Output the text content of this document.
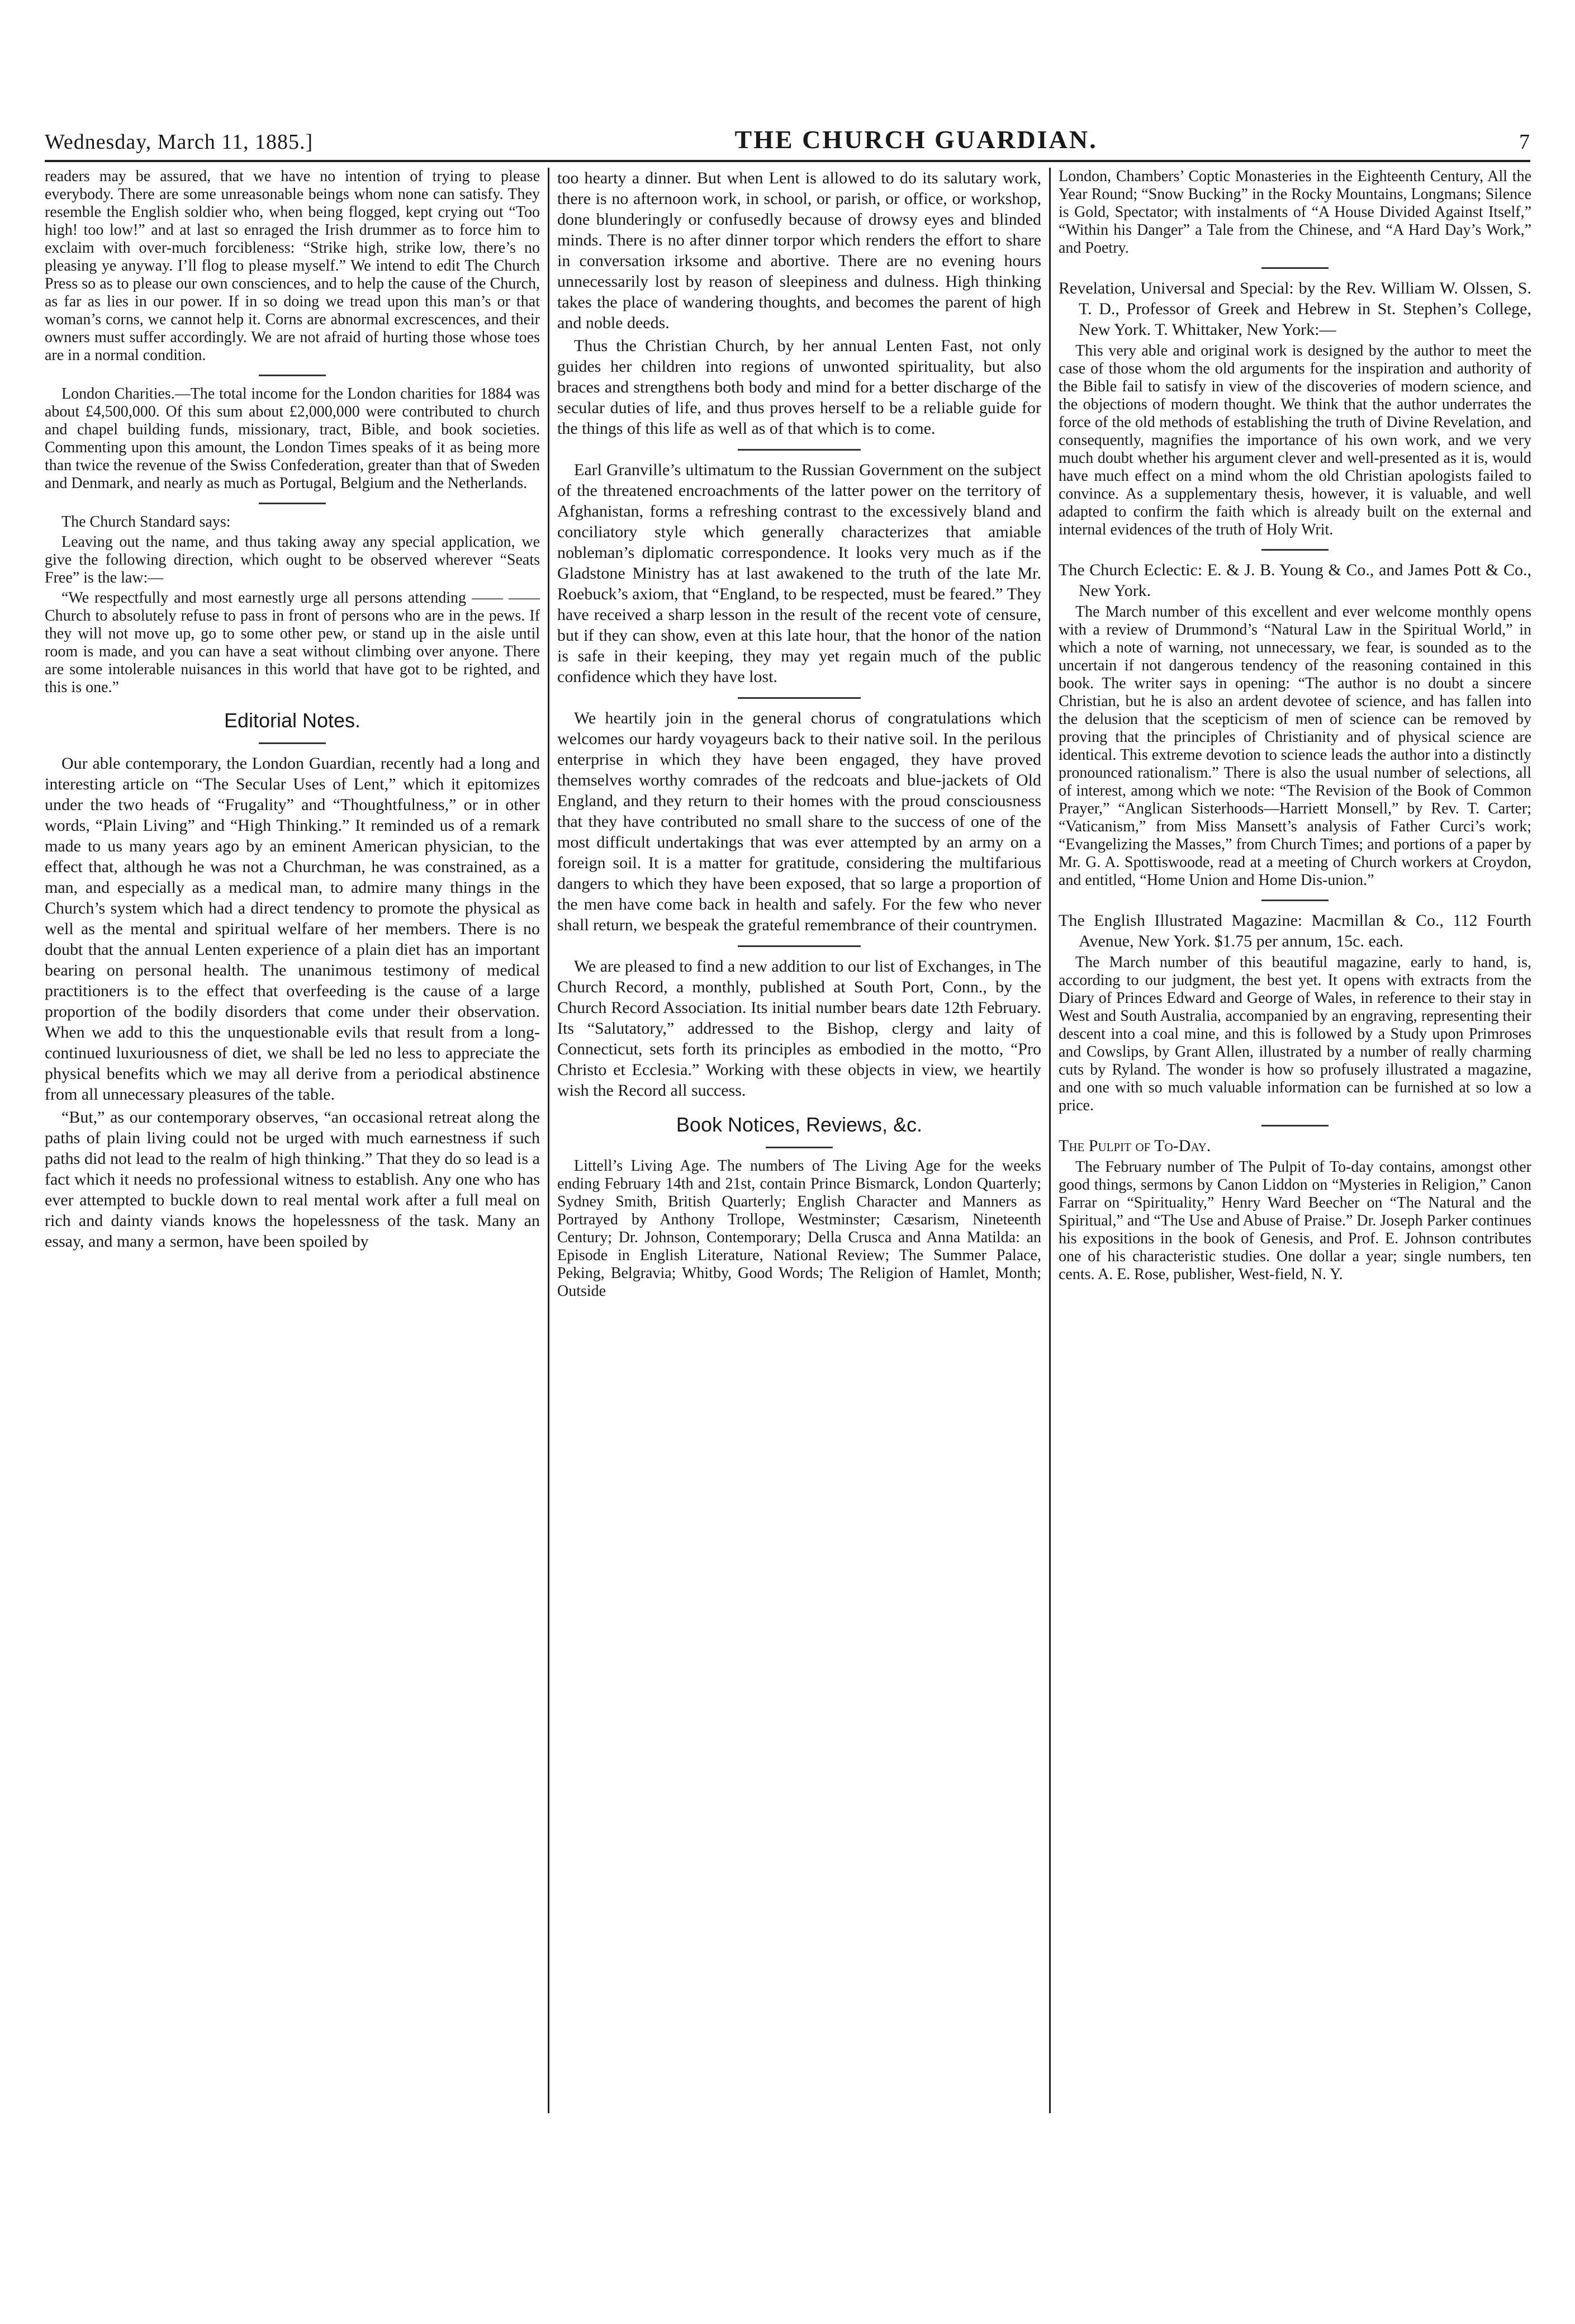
Wednesday, March 11, 1885.]	THE CHURCH GUARDIAN.	7

readers may be assured, that we have no intention of trying to please everybody. There are some unreasonable beings whom none can satisfy. They resemble the English soldier who, when being flogged, kept crying out “Too high! too low!” and at last so enraged the Irish drummer as to force him to exclaim with over-much forcibleness: “Strike high, strike low, there’s no pleasing ye anyway. I’ll flog to please myself.” We intend to edit The Church Press so as to please our own consciences, and to help the cause of the Church, as far as lies in our power. If in so doing we tread upon this man’s or that woman’s corns, we cannot help it. Corns are abnormal excrescences, and their owners must suffer accordingly. We are not afraid of hurting those whose toes are in a normal condition.

London Charities.—The total income for the London charities for 1884 was about £4,500,000. Of this sum about £2,000,000 were contributed to church and chapel building funds, missionary, tract, Bible, and book societies. Commenting upon this amount, the London Times speaks of it as being more than twice the revenue of the Swiss Confederation, greater than that of Sweden and Denmark, and nearly as much as Portugal, Belgium and the Netherlands.

The Church Standard says:

Leaving out the name, and thus taking away any special application, we give the following direction, which ought to be observed wherever “Seats Free” is the law:—

“We respectfully and most earnestly urge all persons attending —— —— Church to absolutely refuse to pass in front of persons who are in the pews. If they will not move up, go to some other pew, or stand up in the aisle until room is made, and you can have a seat without climbing over anyone. There are some intolerable nuisances in this world that have got to be righted, and this is one.”

Editorial Notes.

Our able contemporary, the London Guardian, recently had a long and interesting article on “The Secular Uses of Lent,” which it epitomizes under the two heads of “Frugality” and “Thoughtfulness,” or in other words, “Plain Living” and “High Thinking.” It reminded us of a remark made to us many years ago by an eminent American physician, to the effect that, although he was not a Churchman, he was constrained, as a man, and especially as a medical man, to admire many things in the Church’s system which had a direct tendency to promote the physical as well as the mental and spiritual welfare of her members. There is no doubt that the annual Lenten experience of a plain diet has an important bearing on personal health. The unanimous testimony of medical practitioners is to the effect that overfeeding is the cause of a large proportion of the bodily disorders that come under their observation. When we add to this the unquestionable evils that result from a long-continued luxuriousness of diet, we shall be led no less to appreciate the physical benefits which we may all derive from a periodical abstinence from all unnecessary pleasures of the table.

“But,” as our contemporary observes, “an occasional retreat along the paths of plain living could not be urged with much earnestness if such paths did not lead to the realm of high thinking.” That they do so lead is a fact which it needs no professional witness to establish. Any one who has ever attempted to buckle down to real mental work after a full meal on rich and dainty viands knows the hopelessness of the task. Many an essay, and many a sermon, have been spoiled by

too hearty a dinner. But when Lent is allowed to do its salutary work, there is no afternoon work, in school, or parish, or office, or workshop, done blunderingly or confusedly because of drowsy eyes and blinded minds. There is no after dinner torpor which renders the effort to share in conversation irksome and abortive. There are no evening hours unnecessarily lost by reason of sleepiness and dulness. High thinking takes the place of wandering thoughts, and becomes the parent of high and noble deeds.

Thus the Christian Church, by her annual Lenten Fast, not only guides her children into regions of unwonted spirituality, but also braces and strengthens both body and mind for a better discharge of the secular duties of life, and thus proves herself to be a reliable guide for the things of this life as well as of that which is to come.

Earl Granville’s ultimatum to the Russian Government on the subject of the threatened encroachments of the latter power on the territory of Afghanistan, forms a refreshing contrast to the excessively bland and conciliatory style which generally characterizes that amiable nobleman’s diplomatic correspondence. It looks very much as if the Gladstone Ministry has at last awakened to the truth of the late Mr. Roebuck’s axiom, that “England, to be respected, must be feared.” They have received a sharp lesson in the result of the recent vote of censure, but if they can show, even at this late hour, that the honor of the nation is safe in their keeping, they may yet regain much of the public confidence which they have lost.

We heartily join in the general chorus of congratulations which welcomes our hardy voyageurs back to their native soil. In the perilous enterprise in which they have been engaged, they have proved themselves worthy comrades of the redcoats and blue-jackets of Old England, and they return to their homes with the proud consciousness that they have contributed no small share to the success of one of the most difficult undertakings that was ever attempted by an army on a foreign soil. It is a matter for gratitude, considering the multifarious dangers to which they have been exposed, that so large a proportion of the men have come back in health and safely. For the few who never shall return, we bespeak the grateful remembrance of their countrymen.

We are pleased to find a new addition to our list of Exchanges, in The Church Record, a monthly, published at South Port, Conn., by the Church Record Association. Its initial number bears date 12th February. Its “Salutatory,” addressed to the Bishop, clergy and laity of Connecticut, sets forth its principles as embodied in the motto, “Pro Christo et Ecclesia.” Working with these objects in view, we heartily wish the Record all success.

Book Notices, Reviews, &c.

Littell’s Living Age. The numbers of The Living Age for the weeks ending February 14th and 21st, contain Prince Bismarck, London Quarterly; Sydney Smith, British Quarterly; English Character and Manners as Portrayed by Anthony Trollope, Westminster; Cæsarism, Nineteenth Century; Dr. Johnson, Contemporary; Della Crusca and Anna Matilda: an Episode in English Literature, National Review; The Summer Palace, Peking, Belgravia; Whitby, Good Words; The Religion of Hamlet, Month; Outside

London, Chambers’ Coptic Monasteries in the Eighteenth Century, All the Year Round; “Snow Bucking” in the Rocky Mountains, Longmans; Silence is Gold, Spectator; with instalments of “A House Divided Against Itself,” “Within his Danger” a Tale from the Chinese, and “A Hard Day’s Work,” and Poetry.

Revelation, Universal and Special: by the Rev. William W. Olssen, S. T. D., Professor of Greek and Hebrew in St. Stephen’s College, New York. T. Whittaker, New York:—

This very able and original work is designed by the author to meet the case of those whom the old arguments for the inspiration and authority of the Bible fail to satisfy in view of the discoveries of modern science, and the objections of modern thought. We think that the author underrates the force of the old methods of establishing the truth of Divine Revelation, and consequently, magnifies the importance of his own work, and we very much doubt whether his argument clever and well-presented as it is, would have much effect on a mind whom the old Christian apologists failed to convince. As a supplementary thesis, however, it is valuable, and well adapted to confirm the faith which is already built on the external and internal evidences of the truth of Holy Writ.

The Church Eclectic: E. & J. B. Young & Co., and James Pott & Co., New York.

The March number of this excellent and ever welcome monthly opens with a review of Drummond’s “Natural Law in the Spiritual World,” in which a note of warning, not unnecessary, we fear, is sounded as to the uncertain if not dangerous tendency of the reasoning contained in this book. The writer says in opening: “The author is no doubt a sincere Christian, but he is also an ardent devotee of science, and has fallen into the delusion that the scepticism of men of science can be removed by proving that the principles of Christianity and of physical science are identical. This extreme devotion to science leads the author into a distinctly pronounced rationalism.” There is also the usual number of selections, all of interest, among which we note: “The Revision of the Book of Common Prayer,” “Anglican Sisterhoods—Harriett Monsell,” by Rev. T. Carter; “Vaticanism,” from Miss Mansett’s analysis of Father Curci’s work; “Evangelizing the Masses,” from Church Times; and portions of a paper by Mr. G. A. Spottiswoode, read at a meeting of Church workers at Croydon, and entitled, “Home Union and Home Dis-union.”

The English Illustrated Magazine: Macmillan & Co., 112 Fourth Avenue, New York. $1.75 per annum, 15c. each.

The March number of this beautiful magazine, early to hand, is, according to our judgment, the best yet. It opens with extracts from the Diary of Princes Edward and George of Wales, in reference to their stay in West and South Australia, accompanied by an engraving, representing their descent into a coal mine, and this is followed by a Study upon Primroses and Cowslips, by Grant Allen, illustrated by a number of really charming cuts by Ryland. The wonder is how so profusely illustrated a magazine, and one with so much valuable information can be furnished at so low a price.

The Pulpit of To-Day.

The February number of The Pulpit of To-day contains, amongst other good things, sermons by Canon Liddon on “Mysteries in Religion,” Canon Farrar on “Spirituality,” Henry Ward Beecher on “The Natural and the Spiritual,” and “The Use and Abuse of Praise.” Dr. Joseph Parker continues his expositions in the book of Genesis, and Prof. E. Johnson contributes one of his characteristic studies. One dollar a year; single numbers, ten cents. A. E. Rose, publisher, West-field, N. Y.
